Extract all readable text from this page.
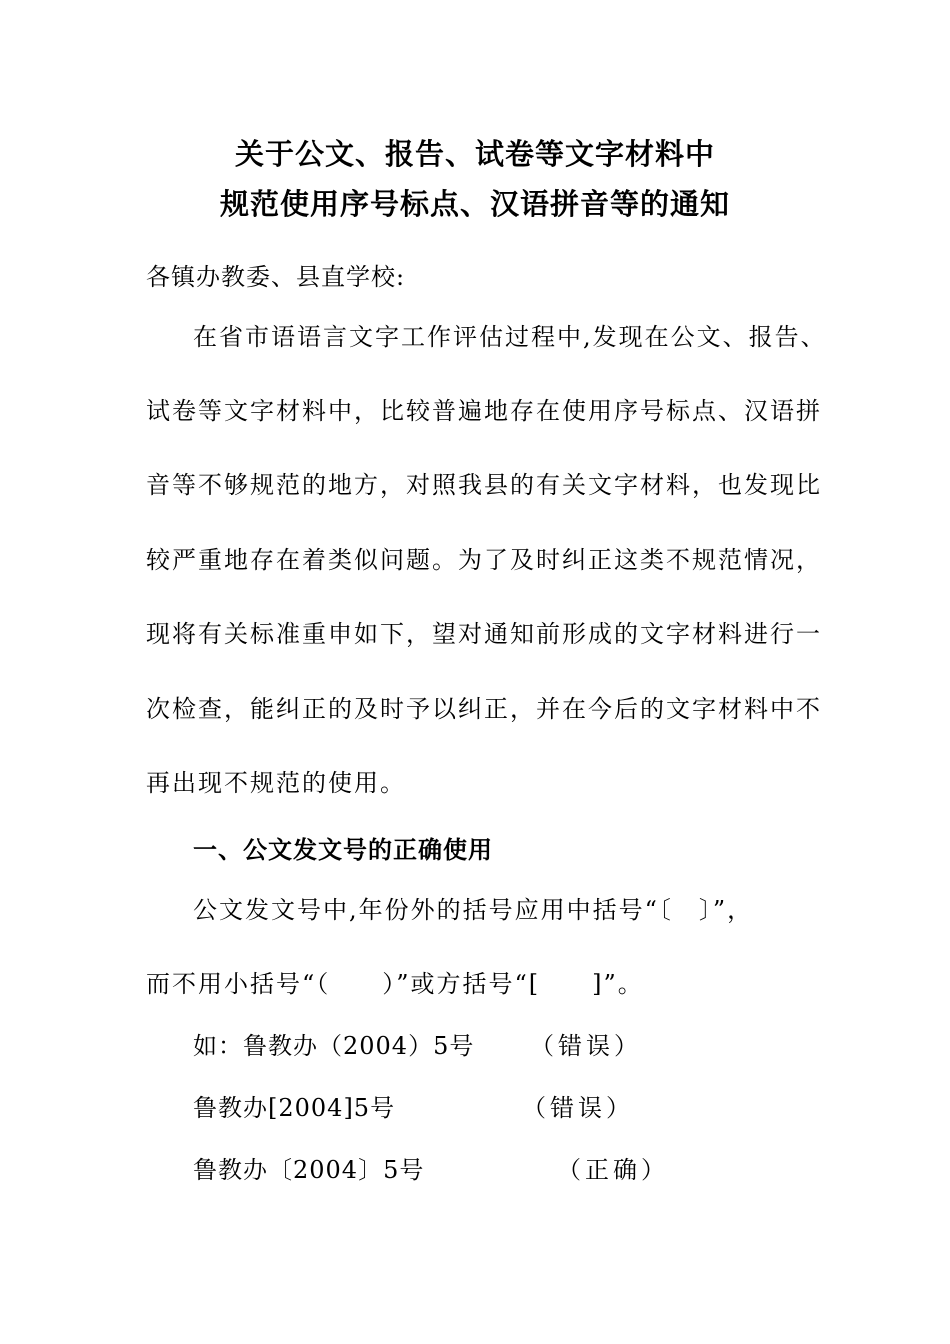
关于公文、报告、试卷等文字材料中
规范使用序号标点、汉语拼音等的通知
各镇办教委、县直学校:
在省市语语言文字工作评估过程中,发现在公文、报告、
试卷等文字材料中，比较普遍地存在使用序号标点、汉语拼
音等不够规范的地方，对照我县的有关文字材料，也发现比
较严重地存在着类似问题。为了及时纠正这类不规范情况，
现将有关标准重申如下，望对通知前形成的文字材料进行一
次检查，能纠正的及时予以纠正，并在今后的文字材料中不
再出现不规范的使用。
一、公文发文号的正确使用
公文发文号中,年份外的括号应用中括号“〔　〕”，
而不用小括号“（　　）”或方括号“[　　]”。
如：鲁教办（2004）5号 （错误）
鲁教办[2004]5号	（错误）
鲁教办〔2004〕5号	（正确）
